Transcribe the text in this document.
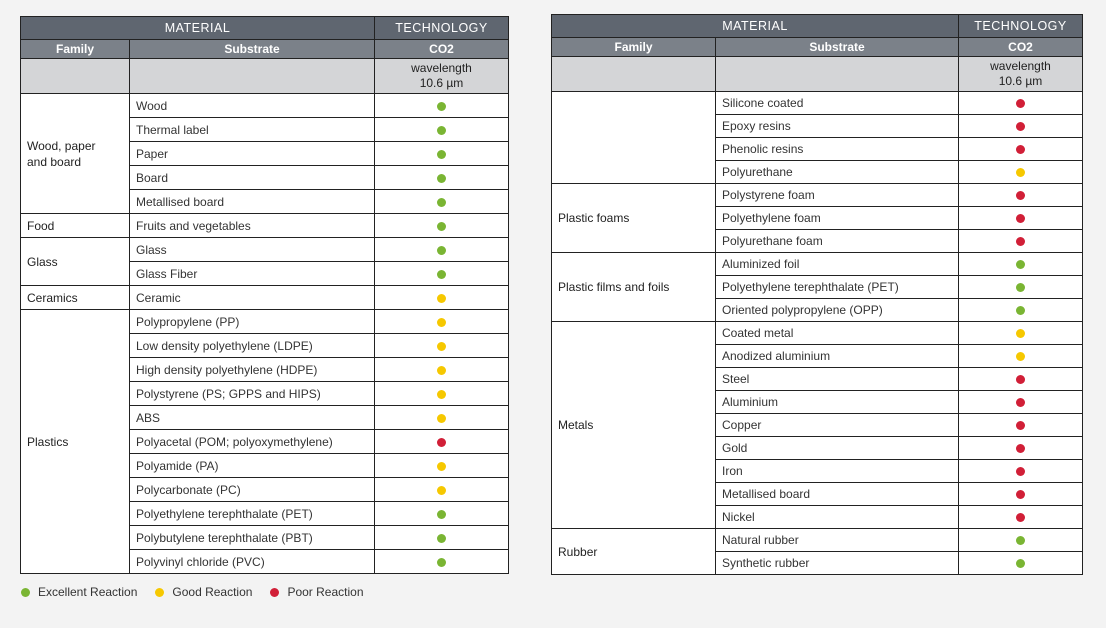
MATERIAL		TECHNOLOGY
Family	Substrate	CO2
		wavelength
10.6 µm
Wood, paper and board	Wood	
	Thermal label	
	Paper	
	Board	
	Metallised board	
Food	Fruits and vegetables	
Glass	Glass	
	Glass Fiber	
Ceramics	Ceramic	
Plastics	Polypropylene (PP)	
	Low density polyethylene (LDPE)	
	High density polyethylene (HDPE)	
	Polystyrene (PS; GPPS and HIPS)	
	ABS	
	Polyacetal (POM; polyoxymethylene)	
	Polyamide (PA)	
	Polycarbonate (PC)	
	Polyethylene terephthalate (PET)	
	Polybutylene terephthalate (PBT)	
	Polyvinyl chloride (PVC)	
MATERIAL		TECHNOLOGY
Family	Substrate	CO2
		wavelength
10.6 µm
	Silicone coated	
	Epoxy resins	
	Phenolic resins	
	Polyurethane	
Plastic foams	Polystyrene foam	
	Polyethylene foam	
	Polyurethane foam	
Plastic films and foils	Aluminized foil	
	Polyethylene terephthalate (PET)	
	Oriented polypropylene (OPP)	
Metals	Coated metal	
	Anodized aluminium	
	Steel	
	Aluminium	
	Copper	
	Gold	
	Iron	
	Metallised board	
	Nickel	
Rubber	Natural rubber	
	Synthetic rubber	
Excellent Reaction	Good Reaction	Poor Reaction
